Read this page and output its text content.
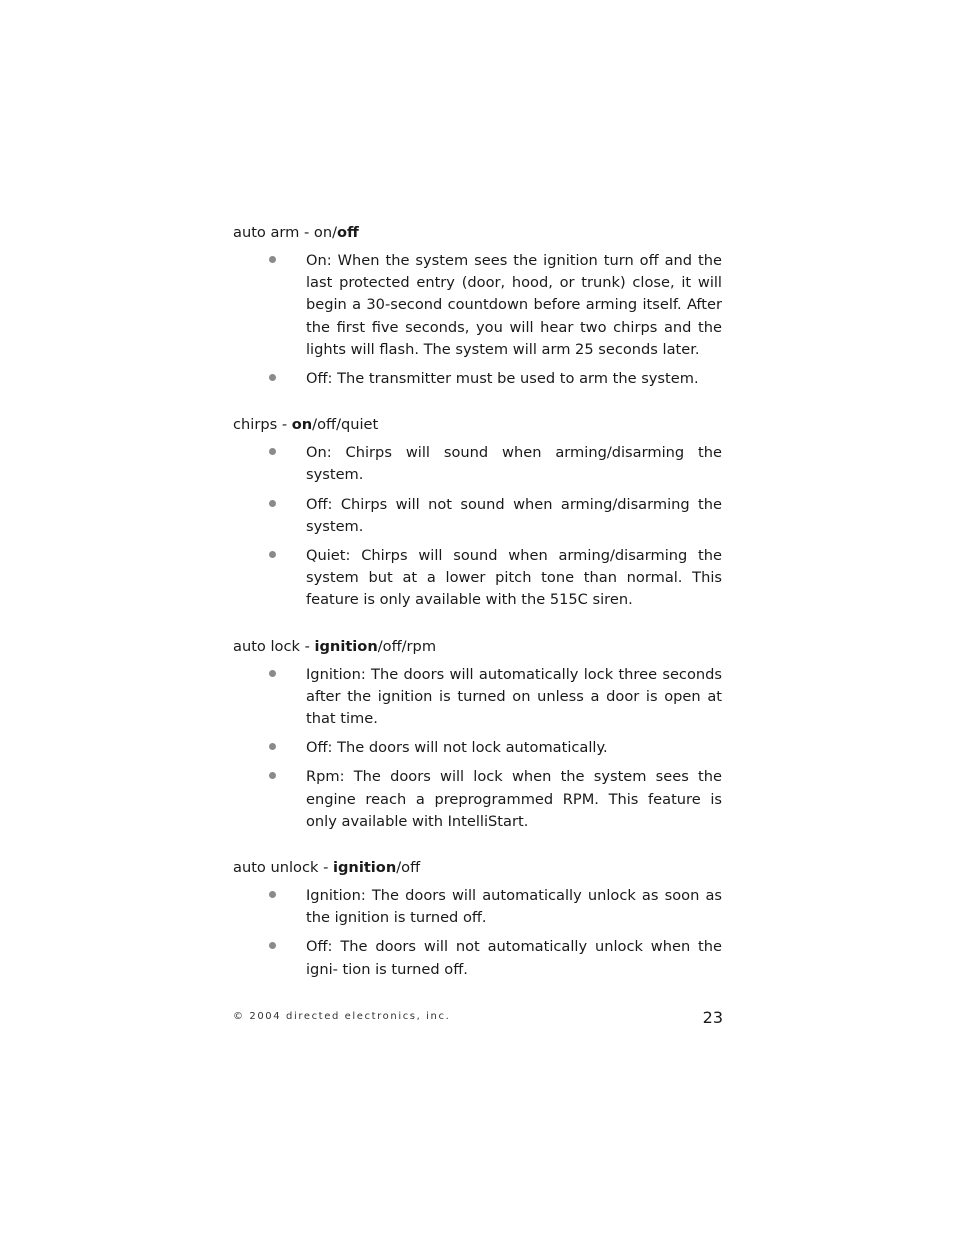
auto arm - on/off

On: When the system sees the ignition turn off and the last protected entry (door, hood, or trunk) close, it will begin a 30-second countdown before arming itself. After the first five seconds, you will hear two chirps and the lights will flash. The system will arm 25 seconds later.
Off: The transmitter must be used to arm the system.

chirps - on/off/quiet

On: Chirps will sound when arming/disarming the system.
Off: Chirps will not sound when arming/disarming the system.
Quiet: Chirps will sound when arming/disarming the system but at a lower pitch tone than normal. This feature is only available with the 515C siren.

auto lock - ignition/off/rpm

Ignition: The doors will automatically lock three seconds after the ignition is turned on unless a door is open at that time.
Off: The doors will not lock automatically.
Rpm: The doors will lock when the system sees the engine reach a preprogrammed RPM. This feature is only available with IntelliStart.

auto unlock - ignition/off

Ignition: The doors will automatically unlock as soon as the ignition is turned off.
Off: The doors will not automatically unlock when the igni- tion is turned off.
© 2004 directed electronics, inc.	23
